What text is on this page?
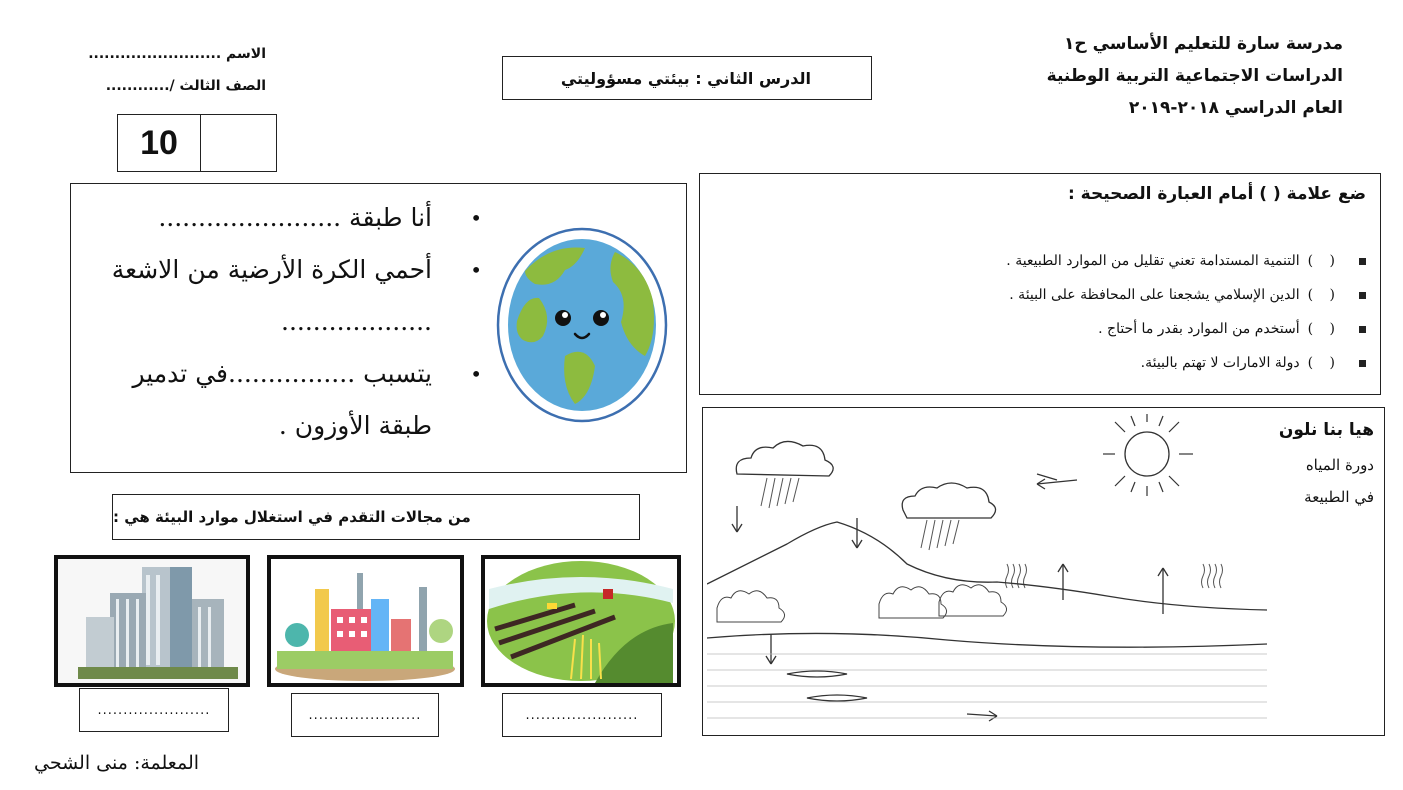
مدرسة سارة للتعليم الأساسي ح١
الدراسات الاجتماعية التربية الوطنية
العام الدراسي ٢٠١٨-٢٠١٩
الدرس الثاني : بيئتي مسؤوليتي
الاسم .........................
الصف الثالث /............
10
•
أنا طبقة .......................
•
أحمي الكرة الأرضية من الاشعة ...................
•
يتسبب ................في تدمير طبقة الأوزون .
ضع علامة ( ) أمام العبارة الصحيحة :
( )
التنمية المستدامة تعني تقليل من الموارد الطبيعية .
( )
الدين الإسلامي يشجعنا على المحافظة على البيئة .
( )
أستخدم من الموارد بقدر ما أحتاج .
( )
دولة الامارات لا تهتم بالبيئة.
هيا بنا نلون
دورة المياه
في الطبيعة
من مجالات التقدم في استغلال موارد البيئة هي :
......................	......................	......................
المعلمة: منى الشحي
